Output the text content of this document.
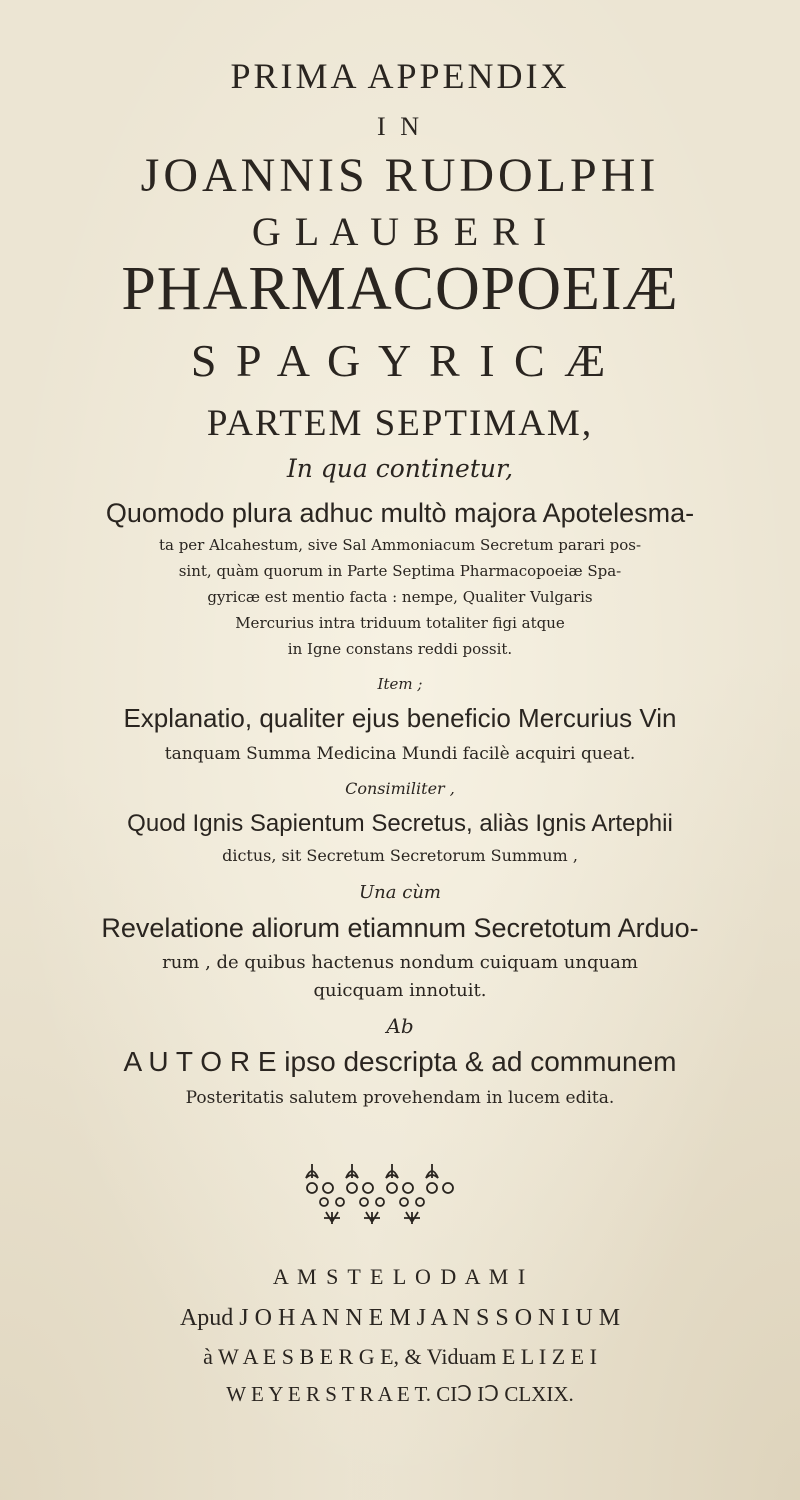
PRIMA APPENDIX
I N
JOANNIS RUDOLPHI
G L A U B E R I
PHARMACOPOEIÆ
S P A G Y R I C Æ
PARTEM SEPTIMAM,
In qua continetur,
Quomodo plura adhuc multò majora Apotelesma-
ta per Alcahestum, sive Sal Ammoniacum Secretum parari pos-
sint, quàm quorum in Parte Septima Pharmacopoeiæ Spa-
gyricæ est mentio facta : nempe, Qualiter Vulgaris
Mercurius intra triduum totaliter figi atque
in Igne constans reddi possit.
Item ;
Explanatio, qualiter ejus beneficio Mercurius Vin
tanquam Summa Medicina Mundi facilè acquiri queat.
Consimiliter ,
Quod Ignis Sapientum Secretus, aliàs Ignis Artephii
dictus, sit Secretum Secretorum Summum ,
Una cùm
Revelatione aliorum etiamnum Secretotum Arduo-
rum , de quibus hactenus nondum cuiquam unquam
quicquam innotuit.
Ab
A U T O R E ipso descripta & ad communem
Posteritatis salutem provehendam in lucem edita.
A M S T E L O D A M I
Apud J O H A N N E M J A N S S O N I U M
à W A E S B E R G E, & Viduam E L I Z E I
W E Y E R S T R A E T. CIↃ IↃ CLXIX.
